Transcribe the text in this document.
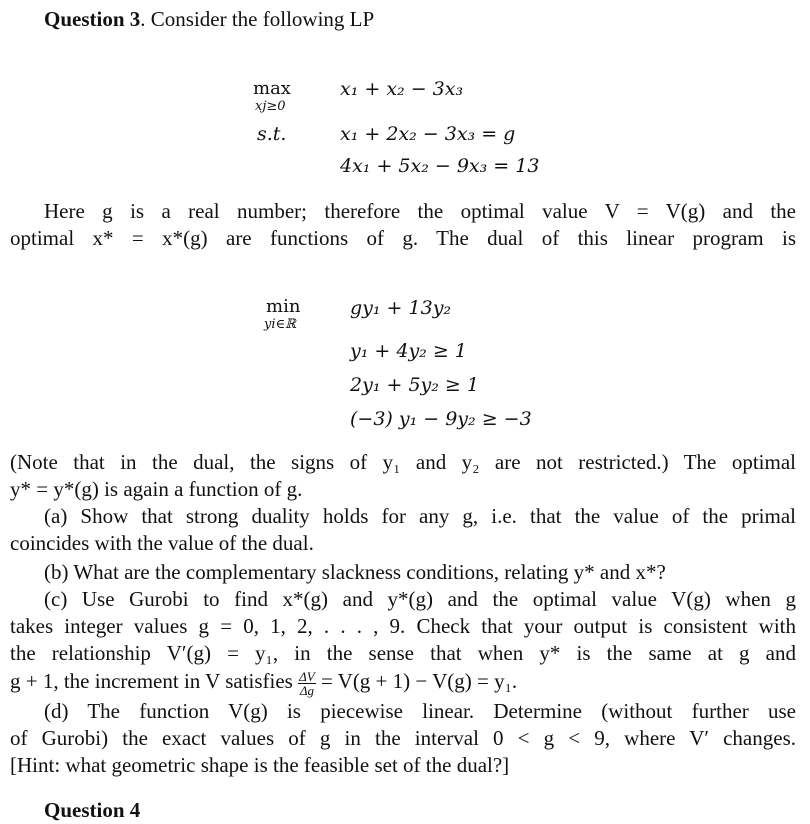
Question 3. Consider the following LP
max
xj≥0
x₁ + x₂ − 3x₃
s.t.	x₁ + 2x₂ − 3x₃ = g
4x₁ + 5x₂ − 9x₃ = 13
Here g is a real number; therefore the optimal value V = V(g) and the
optimal x* = x*(g) are functions of g. The dual of this linear program is
min
yi∈ℝ
gy₁ + 13y₂
y₁ + 4y₂ ≥ 1
2y₁ + 5y₂ ≥ 1
(−3) y₁ − 9y₂ ≥ −3
(Note that in the dual, the signs of y₁ and y₂ are not restricted.) The optimal
y* = y*(g) is again a function of g.
(a) Show that strong duality holds for any g, i.e. that the value of the primal
coincides with the value of the dual.
(b) What are the complementary slackness conditions, relating y* and x*?
(c) Use Gurobi to find x*(g) and y*(g) and the optimal value V(g) when g
takes integer values g = 0, 1, 2, . . . , 9. Check that your output is consistent with
the relationship V′(g) = y₁, in the sense that when y* is the same at g and
g + 1, the increment in V satisfies $\frac{\Delta V}{\Delta g} = V(g + 1) - V(g) = y_1$.
(d) The function V(g) is piecewise linear. Determine (without further use
of Gurobi) the exact values of g in the interval 0 < g < 9, where V′ changes.
[Hint: what geometric shape is the feasible set of the dual?]
Question 4
